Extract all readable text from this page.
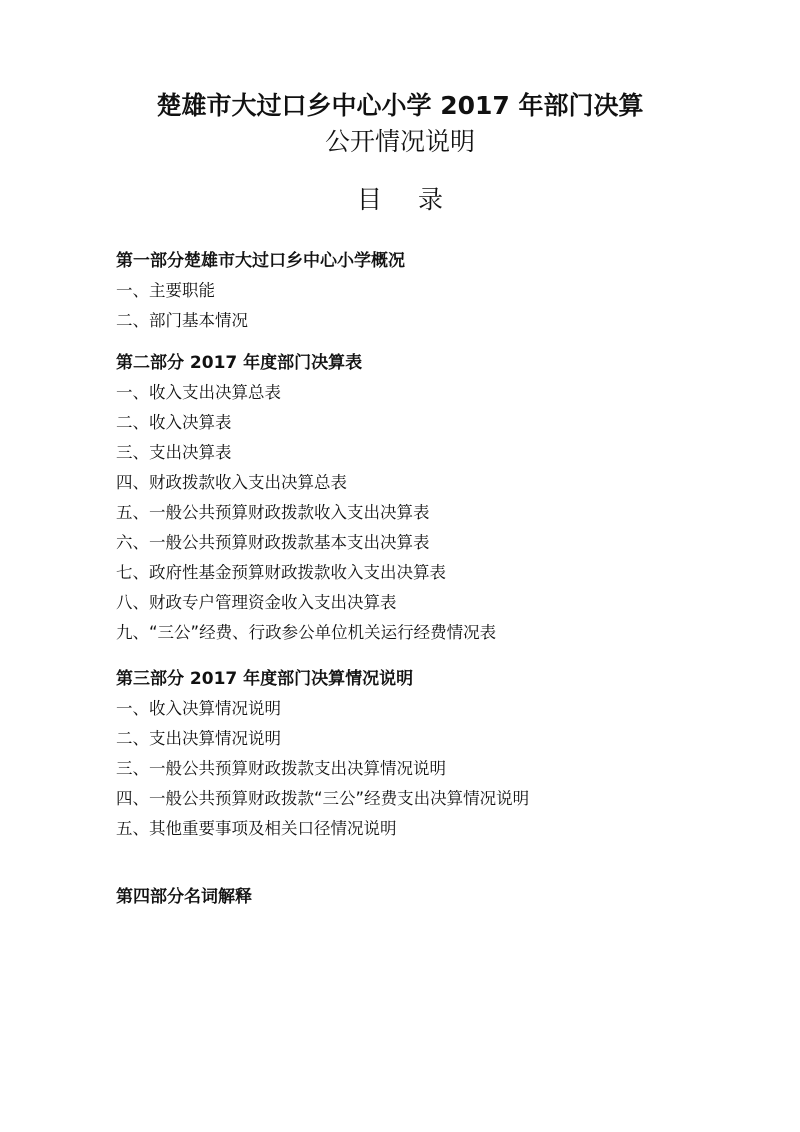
楚雄市大过口乡中心小学 2017 年部门决算
公开情况说明
目 录
第一部分楚雄市大过口乡中心小学概况
一、主要职能
二、部门基本情况
第二部分 2017 年度部门决算表
一、收入支出决算总表
二、收入决算表
三、支出决算表
四、财政拨款收入支出决算总表
五、一般公共预算财政拨款收入支出决算表
六、一般公共预算财政拨款基本支出决算表
七、政府性基金预算财政拨款收入支出决算表
八、财政专户管理资金收入支出决算表
九、“三公”经费、行政参公单位机关运行经费情况表
第三部分 2017 年度部门决算情况说明
一、收入决算情况说明
二、支出决算情况说明
三、一般公共预算财政拨款支出决算情况说明
四、一般公共预算财政拨款“三公”经费支出决算情况说明
五、其他重要事项及相关口径情况说明
第四部分名词解释
